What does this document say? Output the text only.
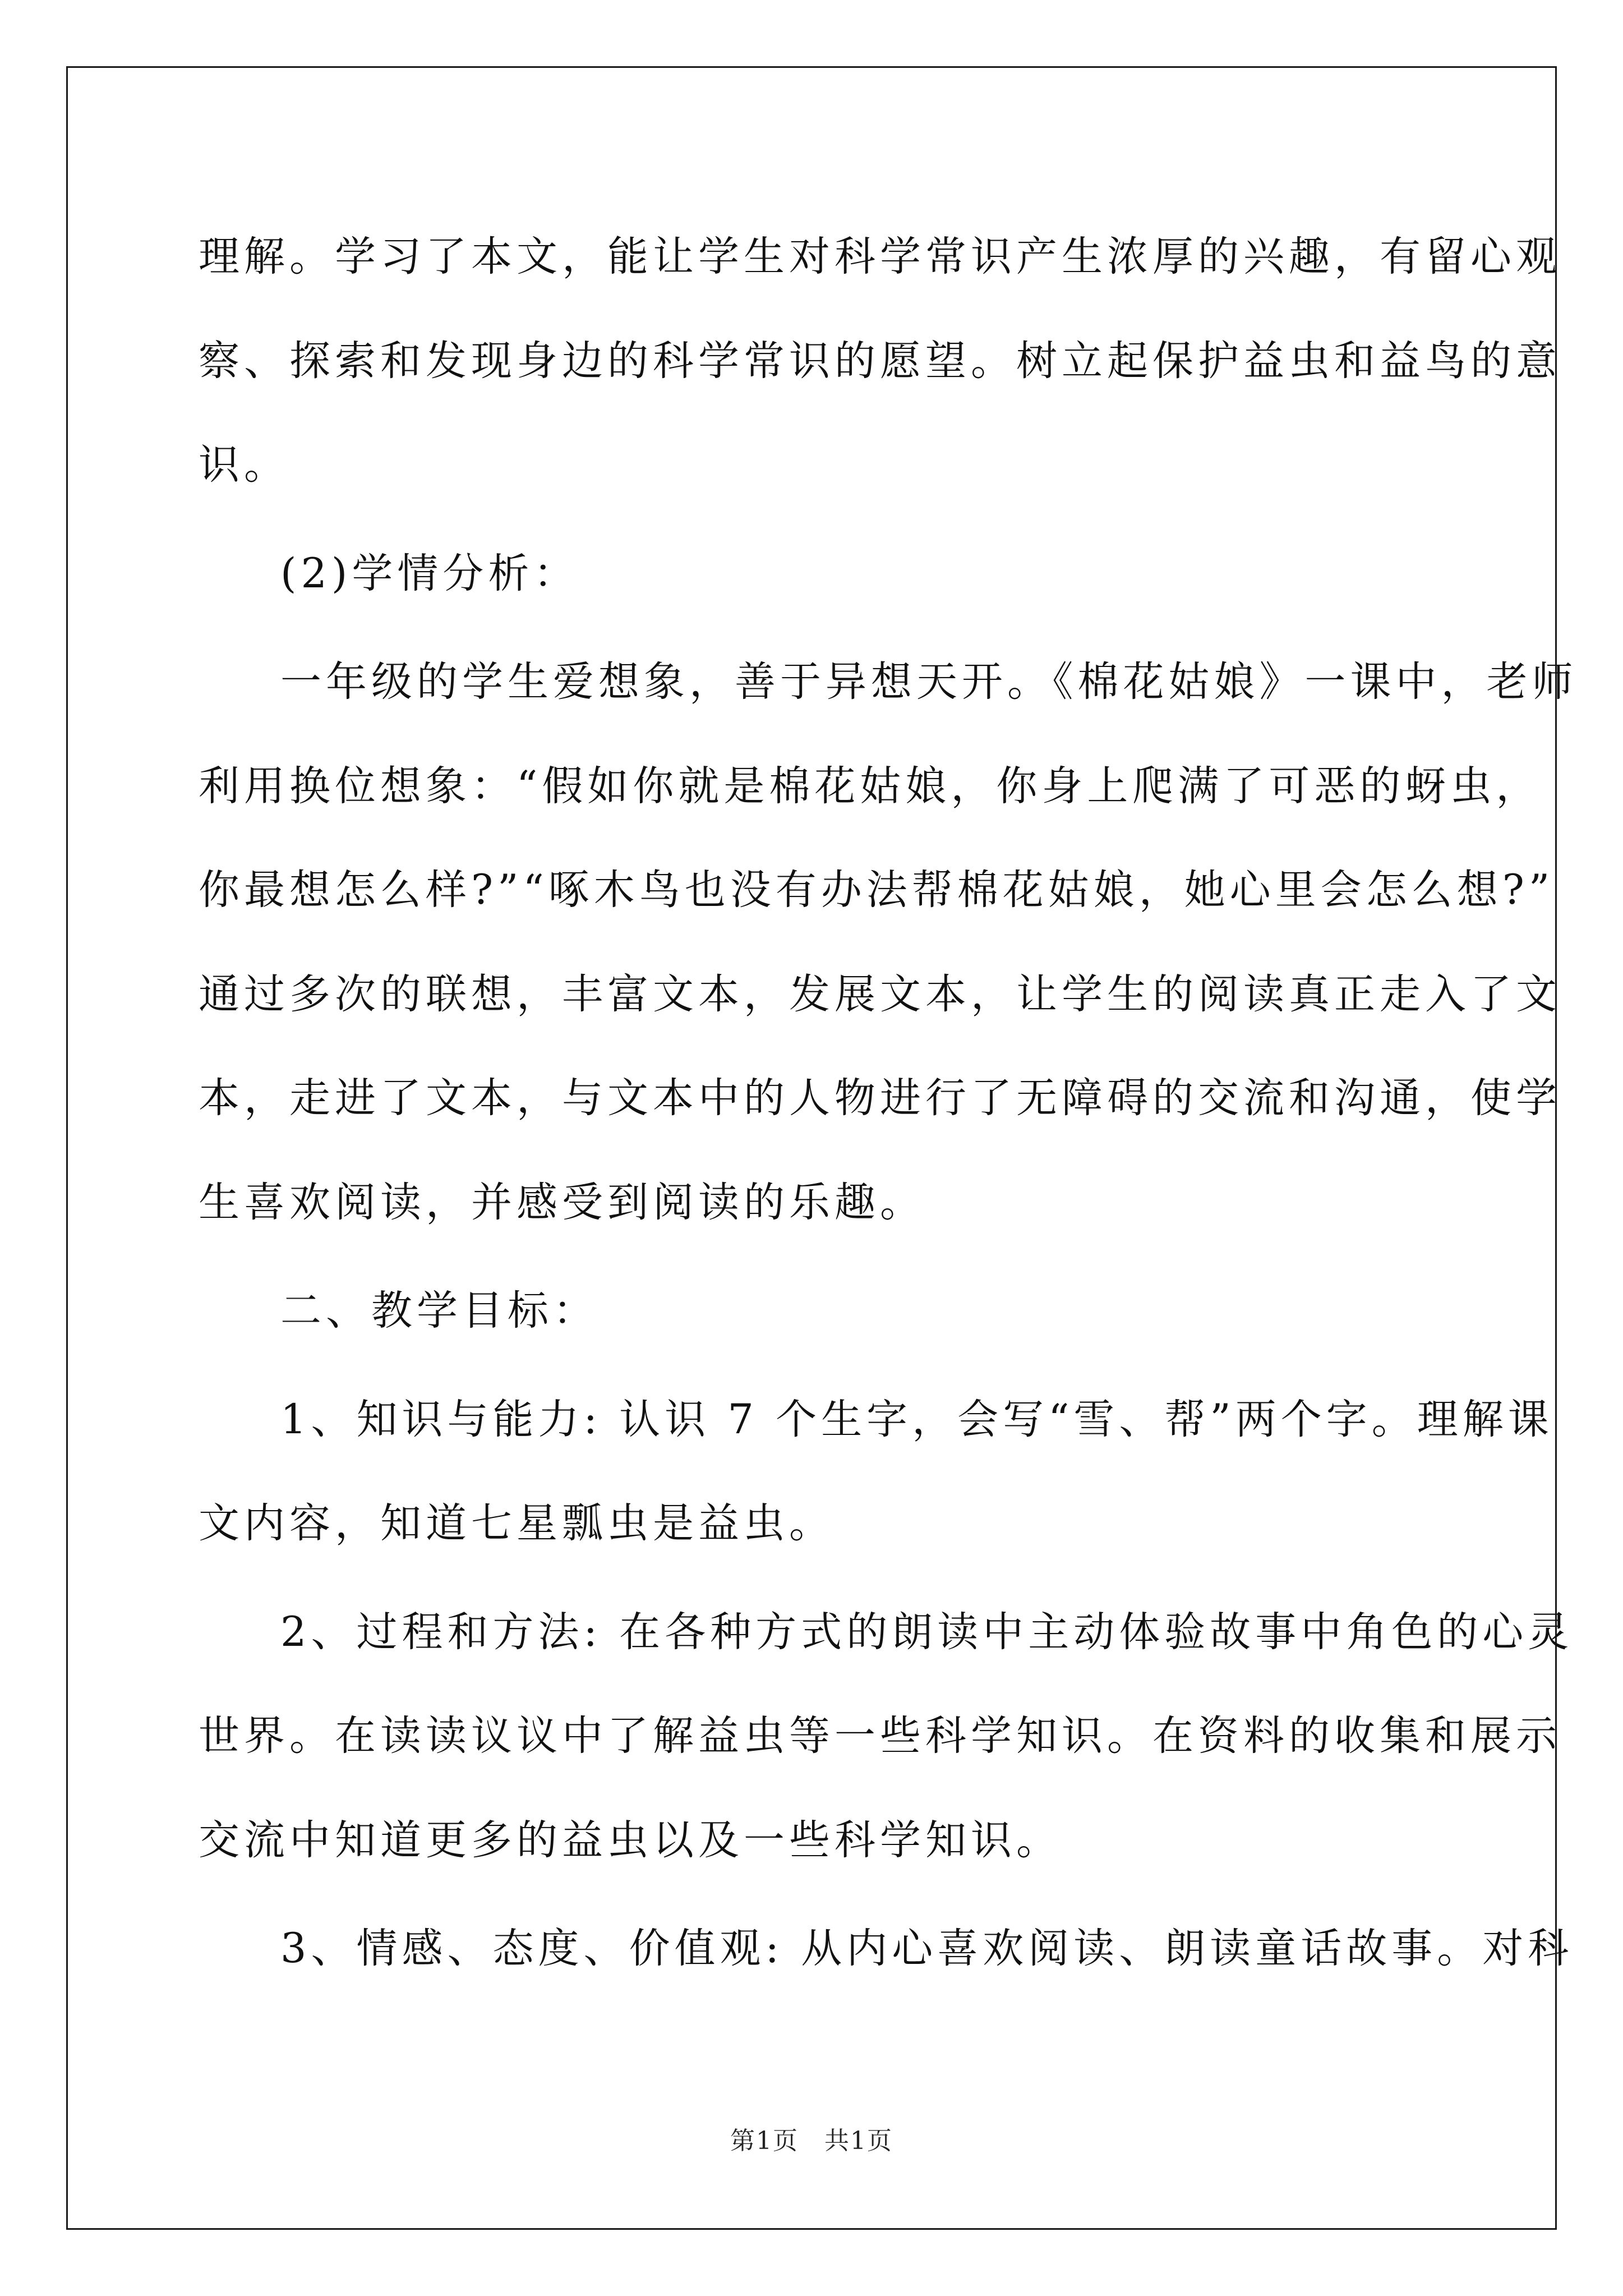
理解。学习了本文，能让学生对科学常识产生浓厚的兴趣，有留心观
察、探索和发现身边的科学常识的愿望。树立起保护益虫和益鸟的意
识。
(2)学情分析：
一年级的学生爱想象，善于异想天开。《棉花姑娘》一课中，老师
利用换位想象：“假如你就是棉花姑娘，你身上爬满了可恶的蚜虫，
你最想怎么样?”“啄木鸟也没有办法帮棉花姑娘，她心里会怎么想?”
通过多次的联想，丰富文本，发展文本，让学生的阅读真正走入了文
本，走进了文本，与文本中的人物进行了无障碍的交流和沟通，使学
生喜欢阅读，并感受到阅读的乐趣。
二、教学目标：
1、知识与能力: 认识 7 个生字，会写“雪、帮”两个字。理解课
文内容，知道七星瓢虫是益虫。
2、过程和方法: 在各种方式的朗读中主动体验故事中角色的心灵
世界。在读读议议中了解益虫等一些科学知识。在资料的收集和展示
交流中知道更多的益虫以及一些科学知识。
3、情感、态度、价值观: 从内心喜欢阅读、朗读童话故事。对科
第1页　共1页
